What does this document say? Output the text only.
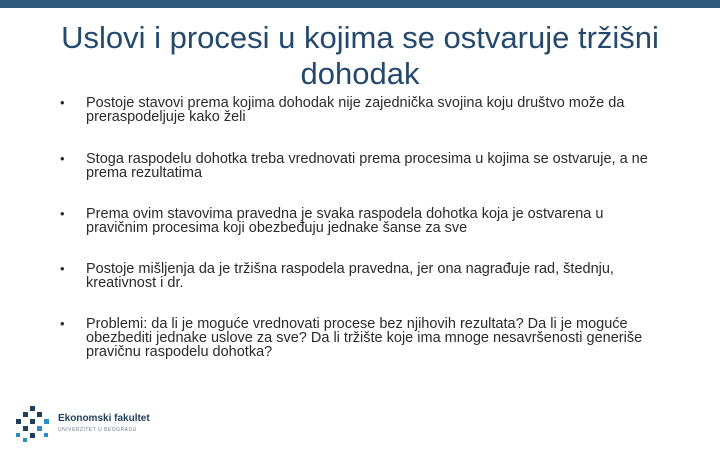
Uslovi i procesi u kojima se ostvaruje tržišni
dohodak
•	Postoje stavovi prema kojima dohodak nije zajednička svojina koju društvo može da preraspodeljuje kako želi
•	Stoga raspodelu dohotka treba vrednovati prema procesima u kojima se ostvaruje, a ne prema rezultatima
•	Prema ovim stavovima pravedna je svaka raspodela dohotka koja je ostvarena u pravičnim procesima koji obezbeđuju jednake šanse za sve
•	Postoje mišljenja da je tržišna raspodela pravedna, jer ona nagrađuje rad, štednju, kreativnost i dr.
•	Problemi: da li je moguće vrednovati procese bez njihovih rezultata? Da li je moguće obezbediti jednake uslove za sve? Da li tržište koje ima mnoge nesavršenosti generiše pravičnu raspodelu dohotka?
Ekonomski fakultet
UNIVERZITET U BEOGRADU
